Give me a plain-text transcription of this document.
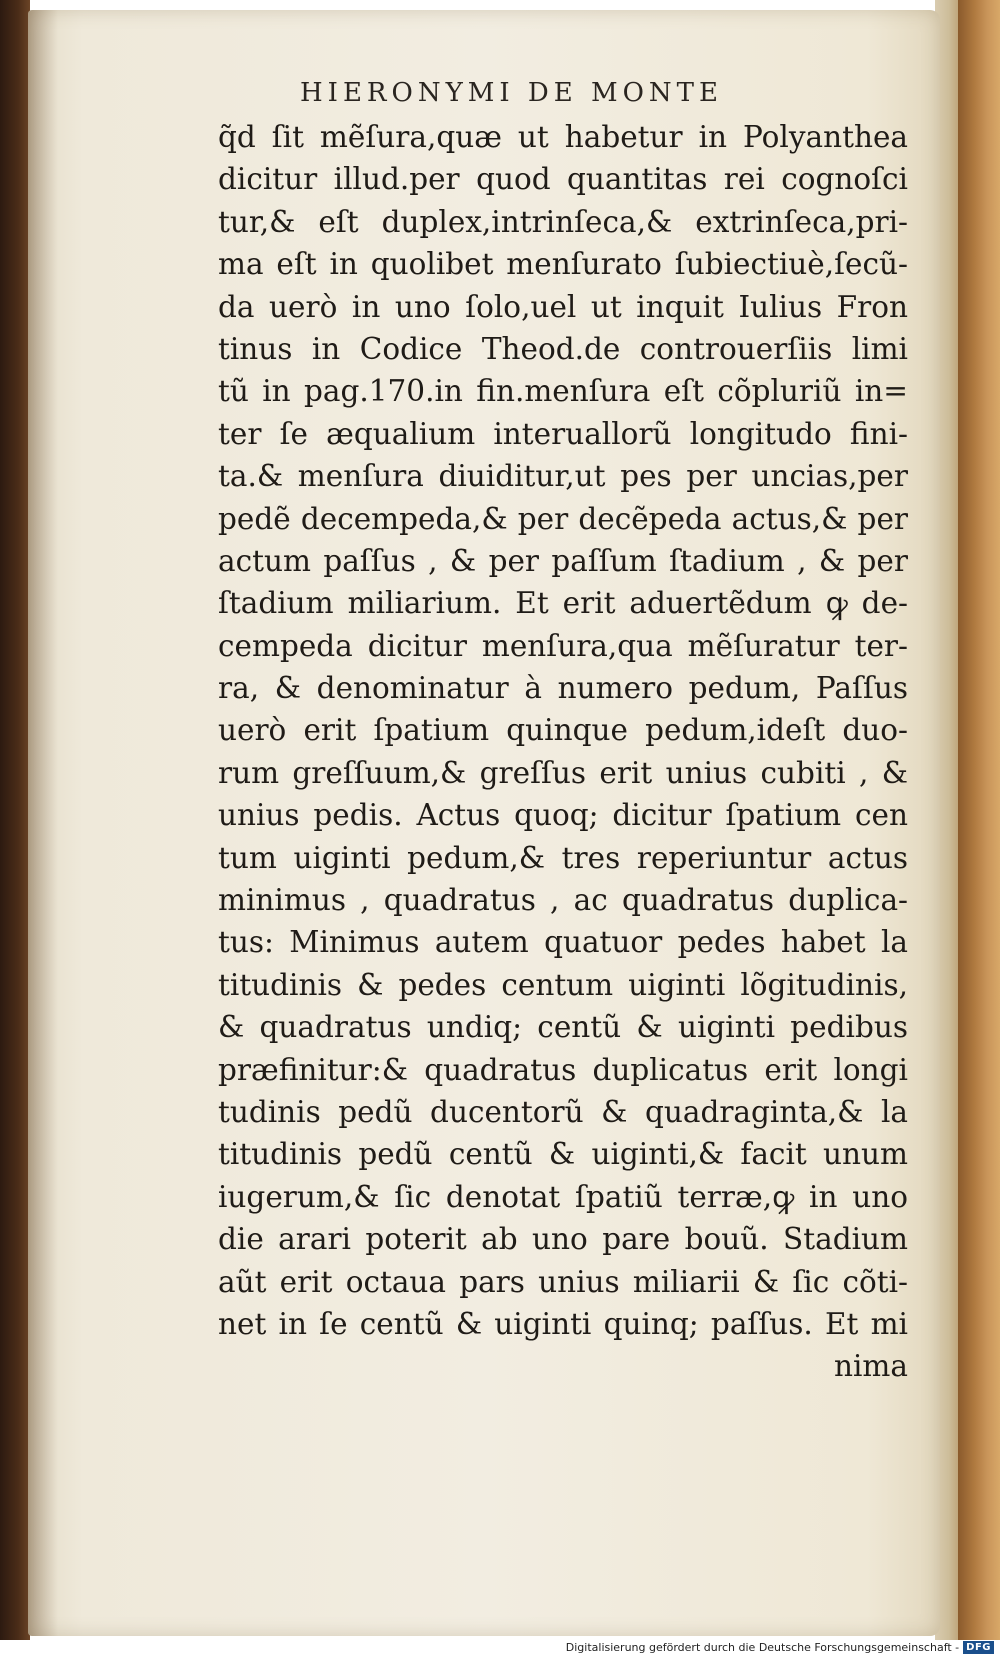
HIERONYMI DE MONTE
q̃d ſit mẽſura,quæ ut habetur in Polyanthea
dicitur illud.per quod quantitas rei cognoſci
tur,& eſt duplex,intrinſeca,& extrinſeca,pri-
ma eſt in quolibet menſurato ſubiectiuè,ſecũ-
da uerò in uno ſolo,uel ut inquit Iulius Fron
tinus in Codice Theod.de controuerſiis limi
tũ in pag.170.in fin.menſura eſt cõpluriũ in=
ter ſe æqualium interuallorũ longitudo fini-
ta.& menſura diuiditur,ut pes per uncias,per
pedẽ decempeda,& per decẽpeda actus,& per
actum paſſus , & per paſſum ſtadium , & per
ſtadium miliarium. Et erit aduertẽdum ꝙ de-
cempeda dicitur menſura,qua mẽſuratur ter-
ra, & denominatur à numero pedum, Paſſus
uerò erit ſpatium quinque pedum,ideſt duo-
rum greſſuum,& greſſus erit unius cubiti , &
unius pedis. Actus quoq; dicitur ſpatium cen
tum uiginti pedum,& tres reperiuntur actus
minimus , quadratus , ac quadratus duplica-
tus: Minimus autem quatuor pedes habet la
titudinis & pedes centum uiginti lõgitudinis,
& quadratus undiq; centũ & uiginti pedibus
præfinitur:& quadratus duplicatus erit longi
tudinis pedũ ducentorũ & quadraginta,& la
titudinis pedũ centũ & uiginti,& facit unum
iugerum,& ſic denotat ſpatiũ terræ,ꝙ in uno
die arari poterit ab uno pare bouũ. Stadium
aũt erit octaua pars unius miliarii & ſic cõti-
net in ſe centũ & uiginti quinq; paſſus. Et mi
nima
Digitalisierung gefördert durch die Deutsche Forschungsgemeinschaft - DFG
